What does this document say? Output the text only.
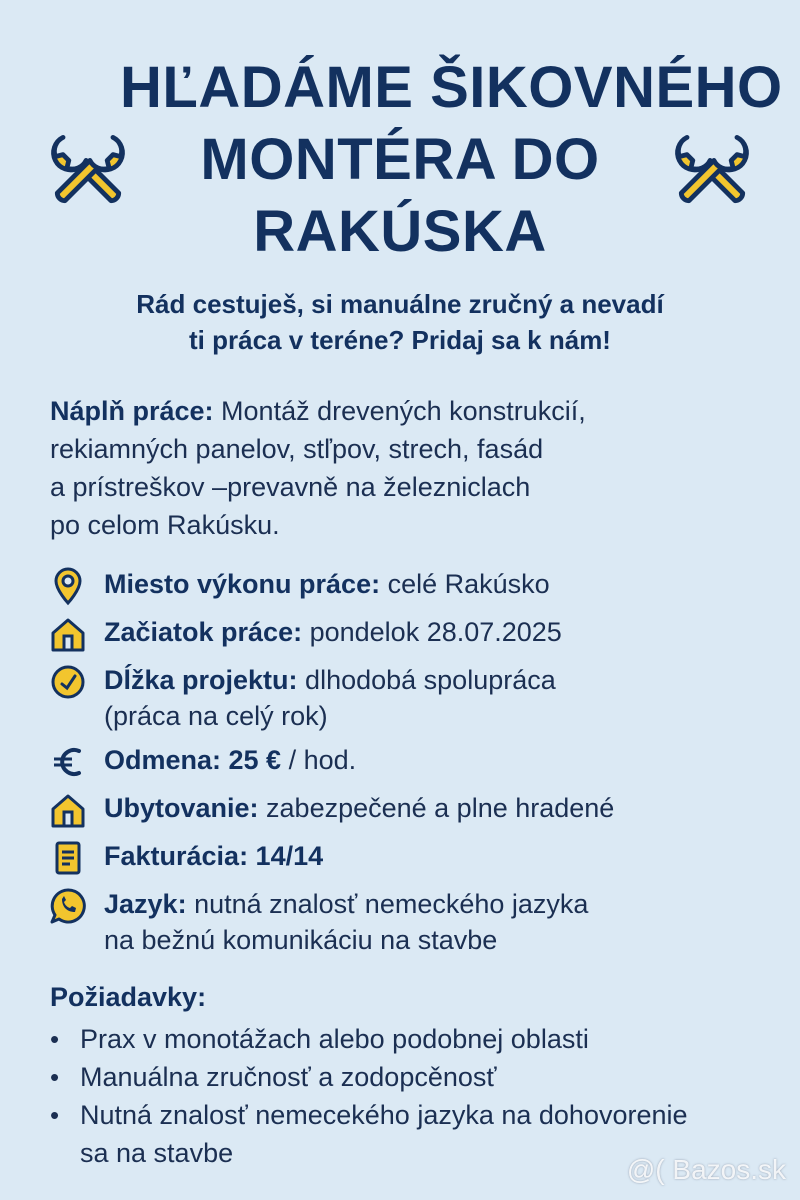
HĽADÁME ŠIKOVNÉHO
MONTÉRA DO
RAKÚSKA
Rád cestuješ, si manuálne zručný a nevadí
ti práca v teréne? Pridaj sa k nám!
Náplň práce: Montáž drevených konstrukcií,
rekiamných panelov, stľpov, strech, fasád
a prístreškov –prevavně na železniclach
po celom Rakúsku.
Miesto výkonu práce: celé Rakúsko
Začiatok práce: pondelok 28.07.2025
Dĺžka projektu: dlhodobá spolupráca
(práca na celý rok)
Odmena: 25 € / hod.
Ubytovanie: zabezpečené a plne hradené
Fakturácia: 14/14
Jazyk: nutná znalosť nemeckého jazyka
na bežnú komunikáciu na stavbe
Požiadavky:
• Prax v monotážach alebo podobnej oblasti
• Manuálna zručnosť a zodopcěnosť
• Nutná znalosť nemecekého jazyka na dohovorenie
sa na stavbe
@( Bazos.sk
